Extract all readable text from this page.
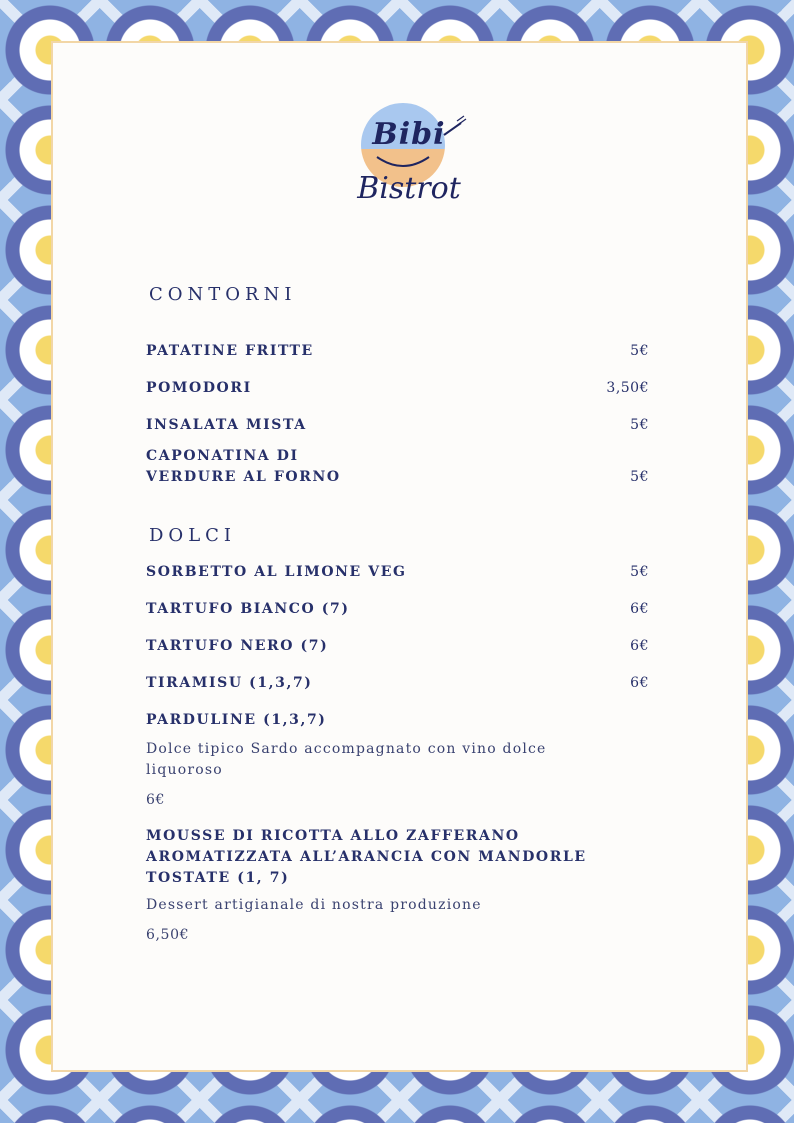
Bibi
Bistrot
CONTORNI
PATATINE FRITTE	5€
POMODORI	3,50€
INSALATA MISTA	5€
CAPONATINA DI
VERDURE AL FORNO	5€
DOLCI
SORBETTO AL LIMONE VEG	5€
TARTUFO BIANCO (7)	6€
TARTUFO NERO (7)	6€
TIRAMISU (1,3,7)	6€
PARDULINE (1,3,7)
Dolce tipico Sardo accompagnato con vino dolce
liquoroso
6€
MOUSSE DI RICOTTA ALLO ZAFFERANO
AROMATIZZATA ALL’ARANCIA CON MANDORLE
TOSTATE (1, 7)
Dessert artigianale di nostra produzione
6,50€
